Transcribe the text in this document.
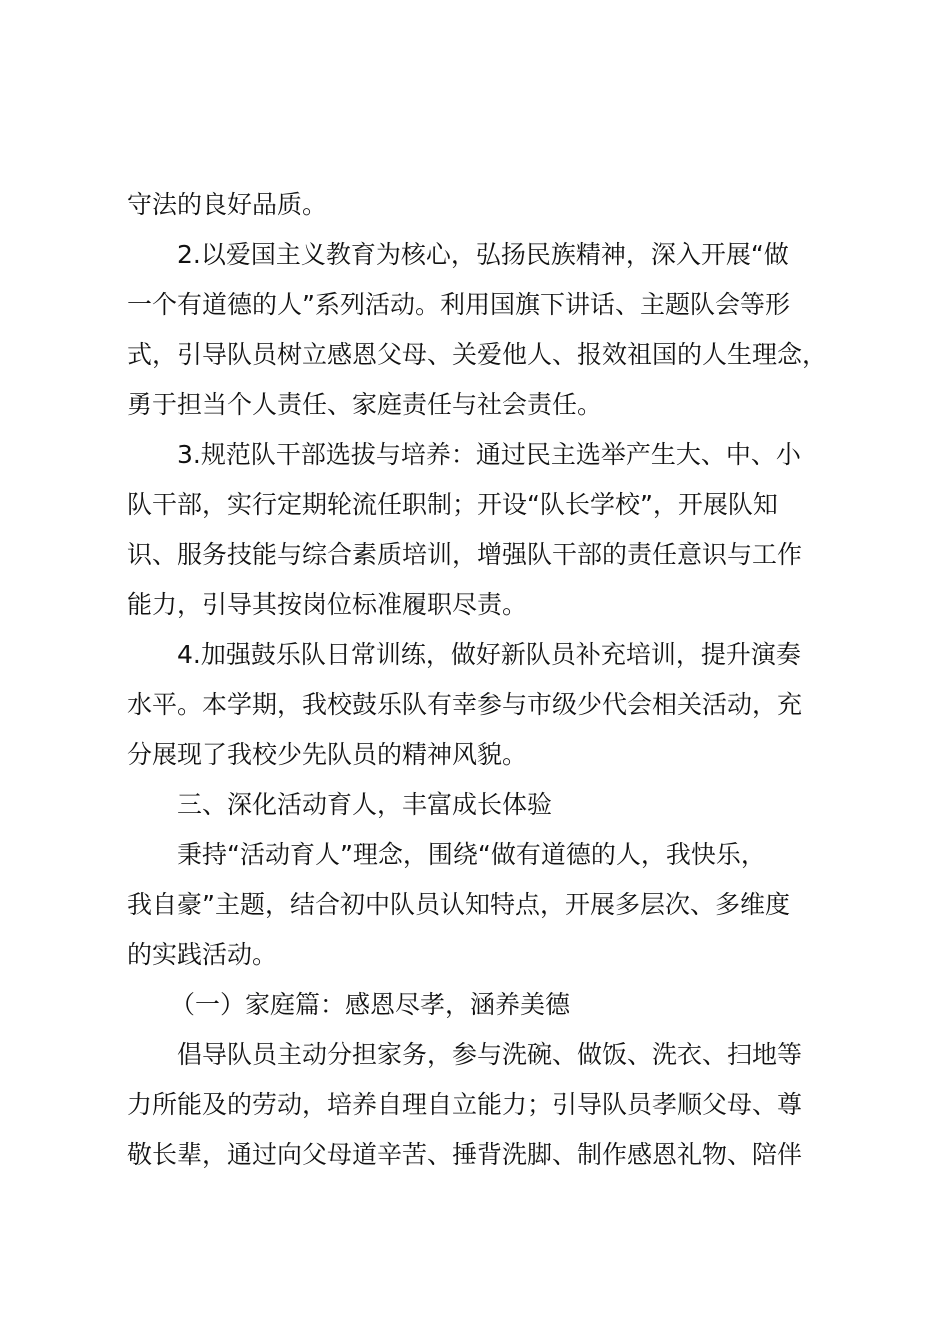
守法的良好品质。
2.以爱国主义教育为核心，弘扬民族精神，深入开展“做
一个有道德的人”系列活动。利用国旗下讲话、主题队会等形
式，引导队员树立感恩父母、关爱他人、报效祖国的人生理念，
勇于担当个人责任、家庭责任与社会责任。
3.规范队干部选拔与培养：通过民主选举产生大、中、小
队干部，实行定期轮流任职制；开设“队长学校”，开展队知
识、服务技能与综合素质培训，增强队干部的责任意识与工作
能力，引导其按岗位标准履职尽责。
4.加强鼓乐队日常训练，做好新队员补充培训，提升演奏
水平。本学期，我校鼓乐队有幸参与市级少代会相关活动，充
分展现了我校少先队员的精神风貌。
三、深化活动育人，丰富成长体验
秉持“活动育人”理念，围绕“做有道德的人，我快乐，
我自豪”主题，结合初中队员认知特点，开展多层次、多维度
的实践活动。
（一）家庭篇：感恩尽孝，涵养美德
倡导队员主动分担家务，参与洗碗、做饭、洗衣、扫地等
力所能及的劳动，培养自理自立能力；引导队员孝顺父母、尊
敬长辈，通过向父母道辛苦、捶背洗脚、制作感恩礼物、陪伴
